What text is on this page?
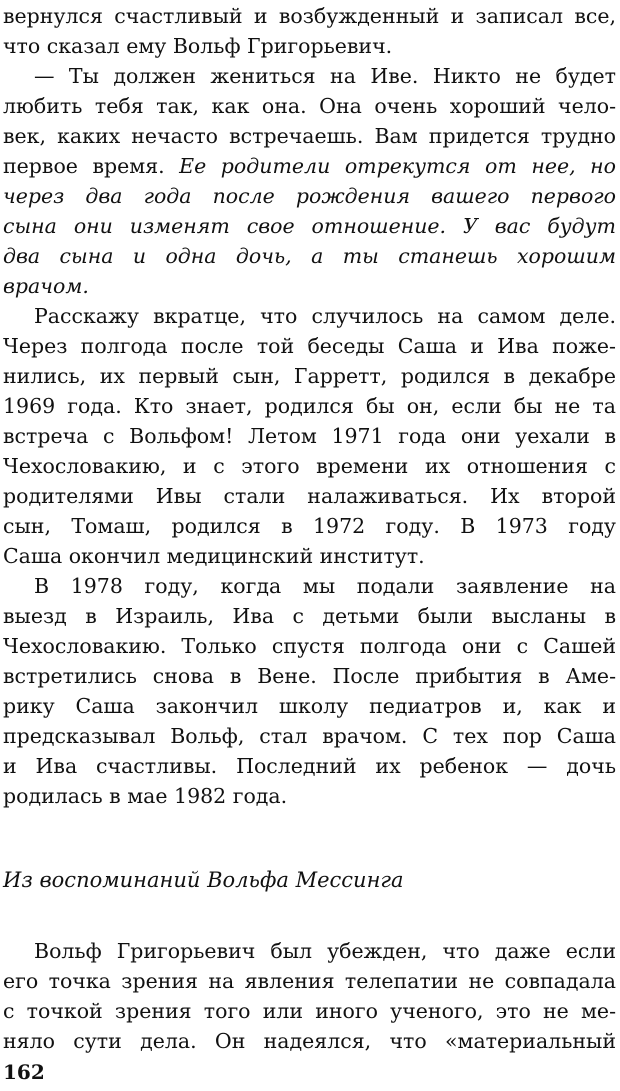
вернулся счастливый и возбужденный и записал все,
что сказал ему Вольф Григорьевич.
— Ты должен жениться на Иве. Никто не будет
любить тебя так, как она. Она очень хороший чело-
век, каких нечасто встречаешь. Вам придется трудно
первое время. Ее родители отрекутся от нее, но
через два года после рождения вашего первого
сына они изменят свое отношение. У вас будут
два сына и одна дочь, а ты станешь хорошим
врачом.
Расскажу вкратце, что случилось на самом деле.
Через полгода после той беседы Саша и Ива поже-
нились, их первый сын, Гарретт, родился в декабре
1969 года. Кто знает, родился бы он, если бы не та
встреча с Вольфом! Летом 1971 года они уехали в
Чехословакию, и с этого времени их отношения с
родителями Ивы стали налаживаться. Их второй
сын, Томаш, родился в 1972 году. В 1973 году
Саша окончил медицинский институт.
В 1978 году, когда мы подали заявление на
выезд в Израиль, Ива с детьми были высланы в
Чехословакию. Только спустя полгода они с Сашей
встретились снова в Вене. После прибытия в Аме-
рику Саша закончил школу педиатров и, как и
предсказывал Вольф, стал врачом. С тех пор Саша
и Ива счастливы. Последний их ребенок — дочь
родилась в мае 1982 года.
Из воспоминаний Вольфа Мессинга
Вольф Григорьевич был убежден, что даже если
его точка зрения на явления телепатии не совпадала
с точкой зрения того или иного ученого, это не ме-
няло сути дела. Он надеялся, что «материальный
162
